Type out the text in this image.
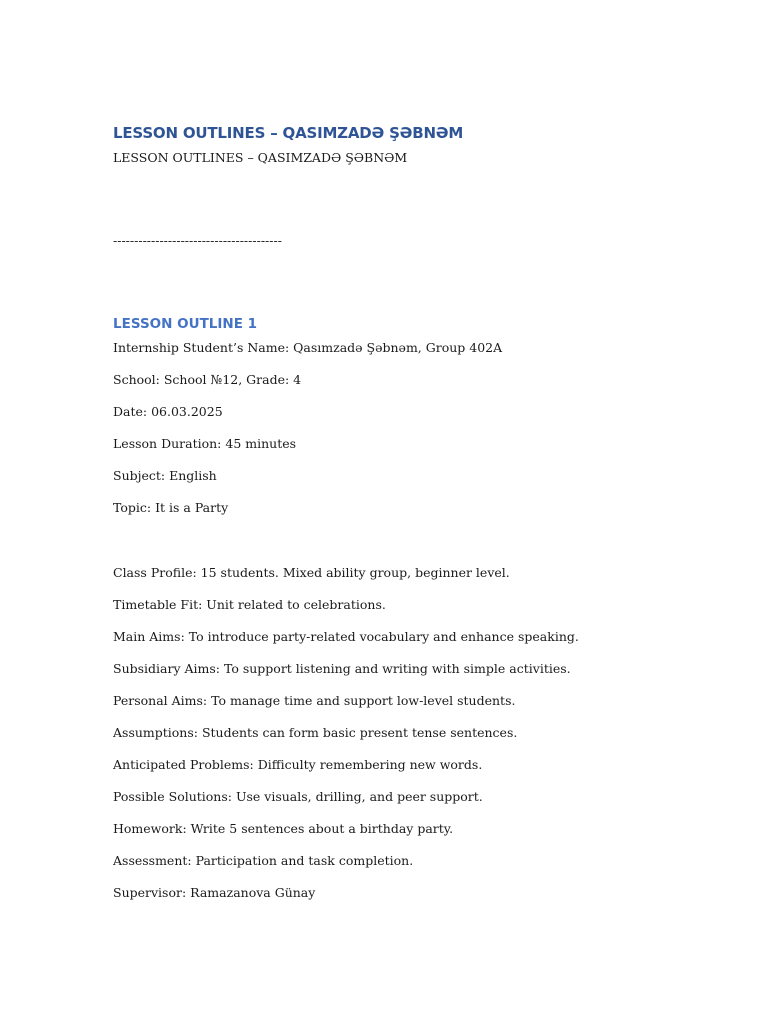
LESSON OUTLINES – QASIMZADƏ ŞƏBNƏM
LESSON OUTLINES – QASIMZADƏ ŞƏBNƏM
----------------------------------------
LESSON OUTLINE 1
Internship Student’s Name: Qasımzadə Şəbnəm, Group 402A
School: School №12, Grade: 4
Date: 06.03.2025
Lesson Duration: 45 minutes
Subject: English
Topic: It is a Party
Class Profile: 15 students. Mixed ability group, beginner level.
Timetable Fit: Unit related to celebrations.
Main Aims: To introduce party-related vocabulary and enhance speaking.
Subsidiary Aims: To support listening and writing with simple activities.
Personal Aims: To manage time and support low-level students.
Assumptions: Students can form basic present tense sentences.
Anticipated Problems: Difficulty remembering new words.
Possible Solutions: Use visuals, drilling, and peer support.
Homework: Write 5 sentences about a birthday party.
Assessment: Participation and task completion.
Supervisor: Ramazanova Günay
